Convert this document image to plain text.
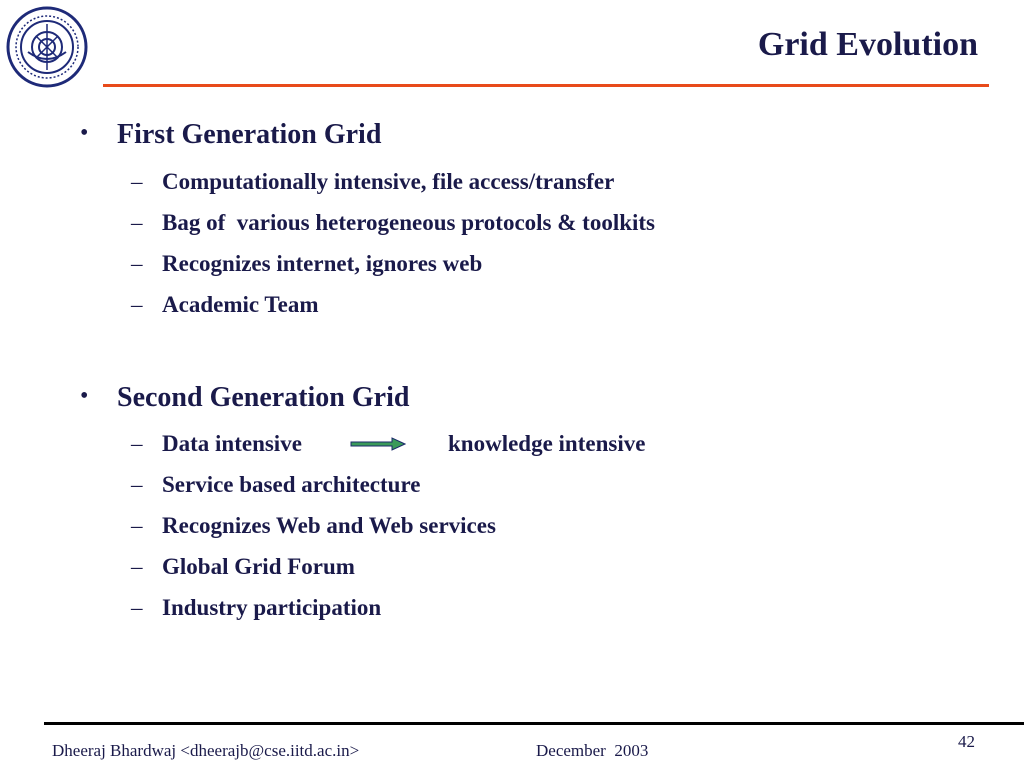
Grid Evolution
• First Generation Grid
– Computationally intensive, file access/transfer
– Bag of  various heterogeneous protocols & toolkits
– Recognizes internet, ignores web
– Academic Team
• Second Generation Grid
– Data intensive	knowledge intensive
– Service based architecture
– Recognizes Web and Web services
– Global Grid Forum
– Industry participation
Dheeraj Bhardwaj <dheerajb@cse.iitd.ac.in>	December  2003	42
